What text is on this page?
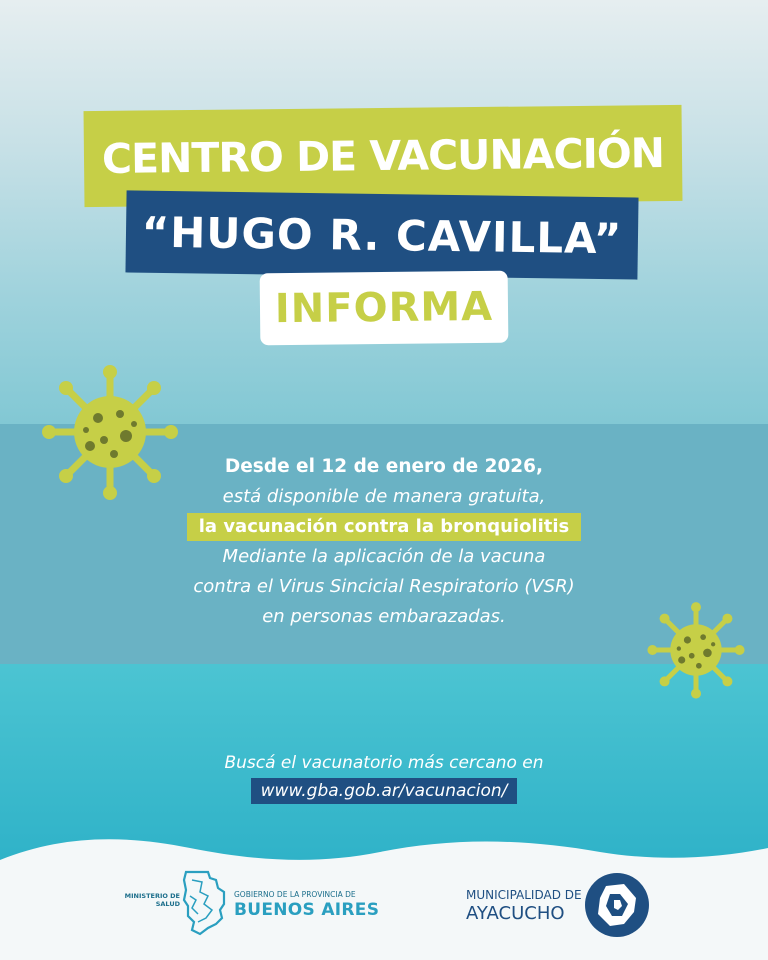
CENTRO DE VACUNACIÓN
“HUGO R. CAVILLA”
INFORMA
Desde el 12 de enero de 2026,
está disponible de manera gratuita,
la vacunación contra la bronquiolitis
Mediante la aplicación de la vacuna
contra el Virus Sincicial Respiratorio (VSR)
en personas embarazadas.
Buscá el vacunatorio más cercano en
www.gba.gob.ar/vacunacion/
MINISTERIO DE
SALUD
GOBIERNO DE LA PROVINCIA DE
BUENOS AIRES
MUNICIPALIDAD DE
AYACUCHO
